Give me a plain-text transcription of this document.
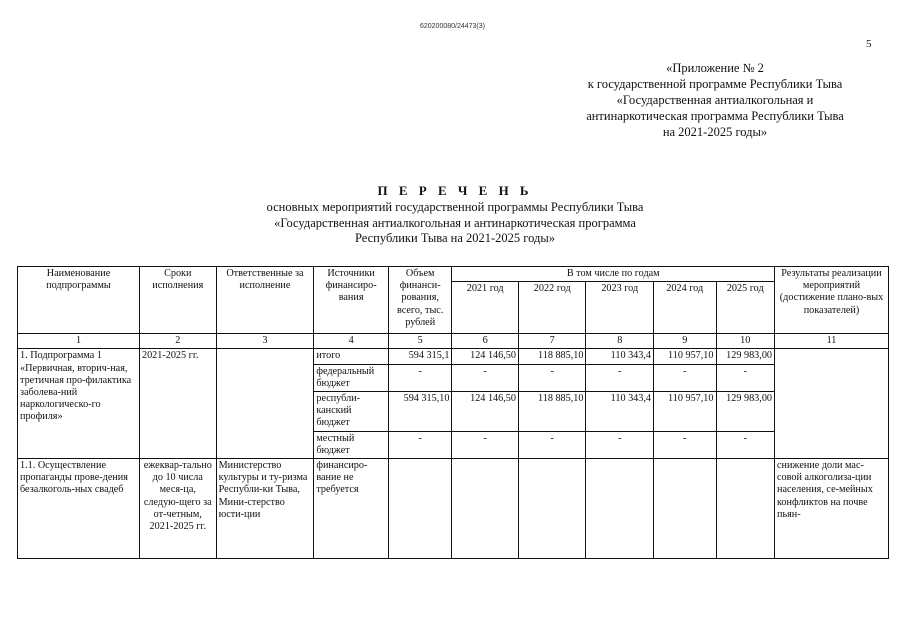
620200080/24473(3)
5
«Приложение № 2
к государственной программе Республики Тыва
«Государственная антиалкогольная и
антинаркотическая программа Республики Тыва
на 2021-2025 годы»
П Е Р Е Ч Е Н Ь
основных мероприятий государственной программы Республики Тыва
«Государственная антиалкогольная и антинаркотическая программа
Республики Тыва на 2021-2025 годы»
Наименование подпрограммы	Сроки исполнения	Ответственные за исполнение	Источники финансиро-вания	Объем финанси-рования, всего, тыс. рублей	В том числе по годам					Результаты реализации мероприятий (достижение плано-вых показателей)
					2021 год	2022 год	2023 год	2024 год	2025 год	
1	2	3	4	5	6	7	8	9	10	11
1. Подпрограмма 1 «Первичная, вторич-ная, третичная про-филактика заболева-ний наркологическо-го профиля»	2021-2025 гг.		итого	594 315,1	124 146,50	118 885,10	110 343,4	110 957,10	129 983,00	
			федеральный бюджет	-	-	-	-	-	-	
			республи-канский бюджет	594 315,10	124 146,50	118 885,10	110 343,4	110 957,10	129 983,00	
			местный бюджет	-	-	-	-	-	-	
1.1. Осуществление пропаганды прове-дения безалкоголь-ных свадеб	ежеквар-тально до 10 числа меся-ца, следую-щего за от-четным, 2021-2025 гг.	Министерство культуры и ту-ризма Республи-ки Тыва, Мини-стерство юсти-ции	финансиро-вание не требуется							снижение доли мас-совой алкоголиза-ции населения, се-мейных конфликтов на почве пьян-
